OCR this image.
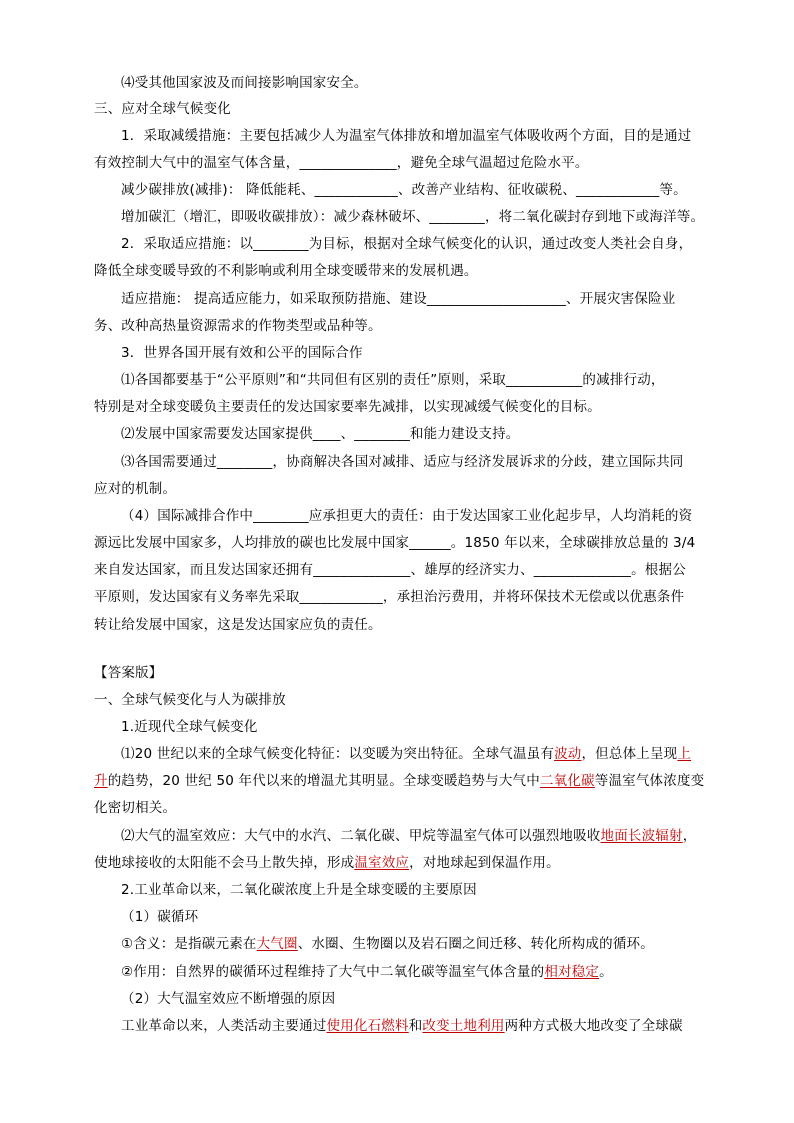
⑷受其他国家波及而间接影响国家安全。
三、应对全球气候变化
1．采取减缓措施：主要包括减少人为温室气体排放和增加温室气体吸收两个方面，目的是通过
有效控制大气中的温室气体含量，______________，避免全球气温超过危险水平。
减少碳排放(减排)： 降低能耗、____________、改善产业结构、征收碳税、____________等。
增加碳汇（增汇，即吸收碳排放）：减少森林破坏、________，将二氧化碳封存到地下或海洋等。
2．采取适应措施：以________为目标，根据对全球气候变化的认识，通过改变人类社会自身，
降低全球变暖导致的不利影响或利用全球变暖带来的发展机遇。
适应措施： 提高适应能力，如采取预防措施、建设____________________、开展灾害保险业
务、改种高热量资源需求的作物类型或品种等。
3．世界各国开展有效和公平的国际合作
⑴各国都要基于“公平原则”和“共同但有区别的责任”原则，采取___________的减排行动，
特别是对全球变暖负主要责任的发达国家要率先减排，以实现减缓气候变化的目标。
⑵发展中国家需要发达国家提供____、________和能力建设支持。
⑶各国需要通过________，协商解决各国对减排、适应与经济发展诉求的分歧，建立国际共同
应对的机制。
（4）国际减排合作中________应承担更大的责任：由于发达国家工业化起步早，人均消耗的资
源远比发展中国家多，人均排放的碳也比发展中国家______。1850 年以来，全球碳排放总量的 3/4
来自发达国家，而且发达国家还拥有______________、雄厚的经济实力、______________。根据公
平原则，发达国家有义务率先采取____________，承担治污费用，并将环保技术无偿或以优惠条件
转让给发展中国家，这是发达国家应负的责任。
【答案版】
一、全球气候变化与人为碳排放
1.近现代全球气候变化
⑴20 世纪以来的全球气候变化特征：以变暖为突出特征。全球气温虽有波动，但总体上呈现上
升的趋势，20 世纪 50 年代以来的增温尤其明显。全球变暖趋势与大气中二氧化碳等温室气体浓度变
化密切相关。
⑵大气的温室效应：大气中的水汽、二氧化碳、甲烷等温室气体可以强烈地吸收地面长波辐射，
使地球接收的太阳能不会马上散失掉，形成温室效应，对地球起到保温作用。
2.工业革命以来，二氧化碳浓度上升是全球变暖的主要原因
（1）碳循环
①含义：是指碳元素在大气圈、水圈、生物圈以及岩石圈之间迁移、转化所构成的循环。
②作用：自然界的碳循环过程维持了大气中二氧化碳等温室气体含量的相对稳定。
（2）大气温室效应不断增强的原因
工业革命以来，人类活动主要通过使用化石燃料和改变土地利用两种方式极大地改变了全球碳
